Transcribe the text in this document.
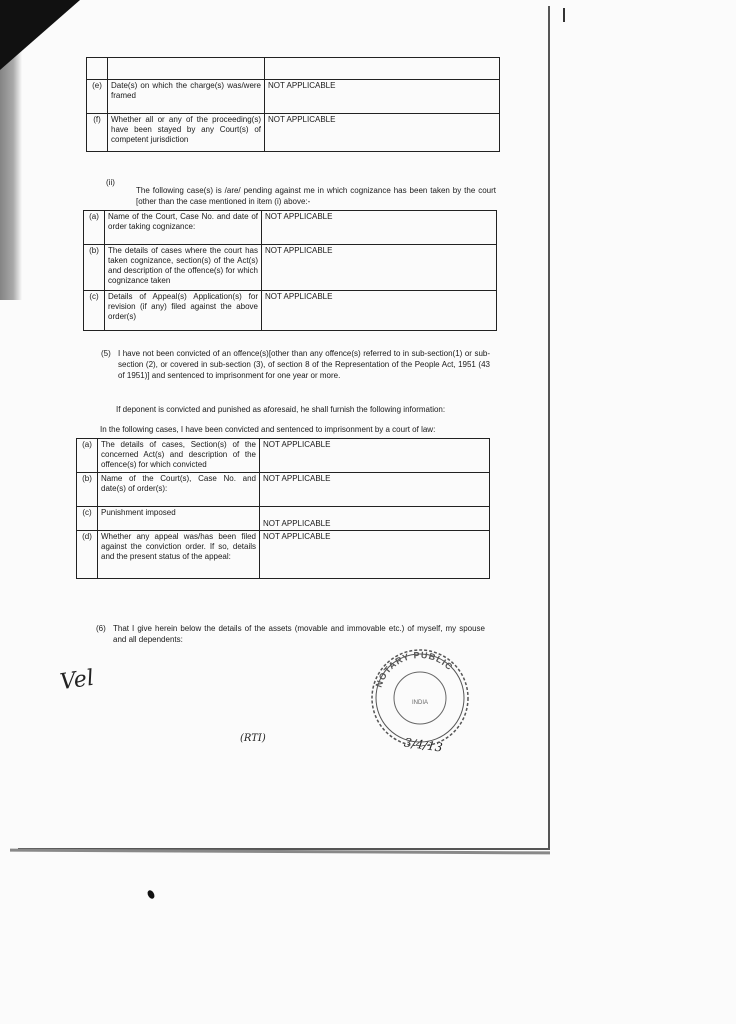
(e)	Date(s) on which the charge(s) was/were framed	NOT APPLICABLE
(f)	Whether all or any of the proceeding(s) have been stayed by any Court(s) of competent jurisdiction	NOT APPLICABLE
(ii)
The following case(s) is /are/ pending against me in which cognizance has been taken by the court [other than the case mentioned in item (i) above:-
(a)	Name of the Court, Case No. and date of order taking cognizance:	NOT APPLICABLE
(b)	The details of cases where the court has taken cognizance, section(s) of the Act(s) and description of the offence(s) for which cognizance taken	NOT APPLICABLE
(c)	Details of Appeal(s) Application(s) for revision (if any) filed against the above order(s)	NOT APPLICABLE
(5) I have not been convicted of an offence(s)[other than any offence(s) referred to in sub-section(1) or sub-section (2), or covered in sub-section (3), of section 8 of the Representation of the People Act, 1951 (43 of 1951)] and sentenced to imprisonment for one year or more.
If deponent is convicted and punished as aforesaid, he shall furnish the following information:
In the following cases, I have been convicted and sentenced to imprisonment by a court of law:
(a)	The details of cases, Section(s) of the concerned Act(s) and description of the offence(s) for which convicted	NOT APPLICABLE
(b)	Name of the Court(s), Case No. and date(s) of order(s):	NOT APPLICABLE
(c)	Punishment imposed	NOT APPLICABLE
(d)	Whether any appeal was/has been filed against the conviction order. If so, details and the present status of the appeal:	NOT APPLICABLE
(6) That I give herein below the details of the assets (movable and immovable etc.) of myself, my spouse and all dependents:
Vel
(RTI)	3/4/13
NOTARY PUBLIC
INDIA
